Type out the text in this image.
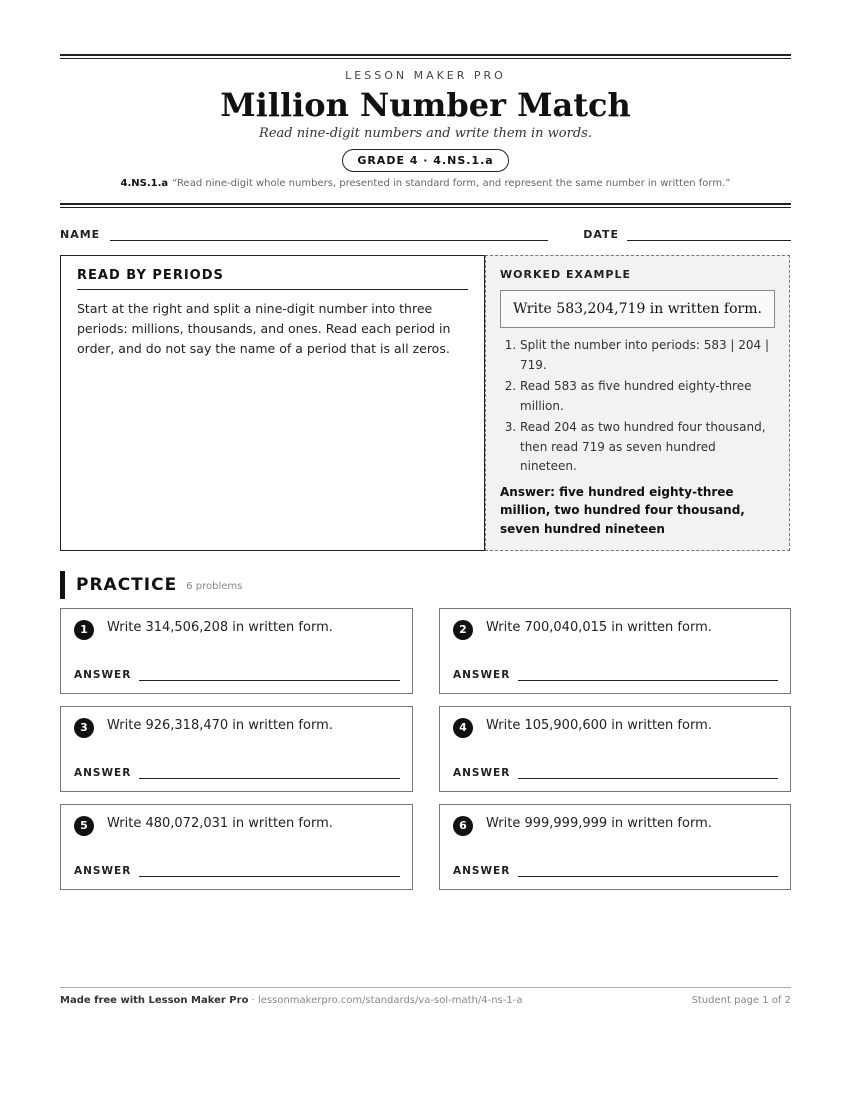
LESSON MAKER PRO
Million Number Match
Read nine-digit numbers and write them in words.
GRADE 4 · 4.NS.1.a
4.NS.1.a “Read nine-digit whole numbers, presented in standard form, and represent the same number in written form.”
NAME	DATE
READ BY PERIODS

Start at the right and split a nine-digit number into three periods: millions, thousands, and ones. Read each period in order, and do not say the name of a period that is all zeros.

WORKED EXAMPLE
Write 583,204,719 in written form.
1. Split the number into periods: 583 | 204 | 719.
2. Read 583 as five hundred eighty-three million.
3. Read 204 as two hundred four thousand, then read 719 as seven hundred nineteen.
Answer: five hundred eighty-three million, two hundred four thousand, seven hundred nineteen
PRACTICE 6 problems
1	Write 314,506,208 in written form.
ANSWER
2	Write 700,040,015 in written form.
ANSWER
3	Write 926,318,470 in written form.
ANSWER
4	Write 105,900,600 in written form.
ANSWER
5	Write 480,072,031 in written form.
ANSWER
6	Write 999,999,999 in written form.
ANSWER
Made free with Lesson Maker Pro · lessonmakerpro.com/standards/va-sol-math/4-ns-1-a	Student page 1 of 2
